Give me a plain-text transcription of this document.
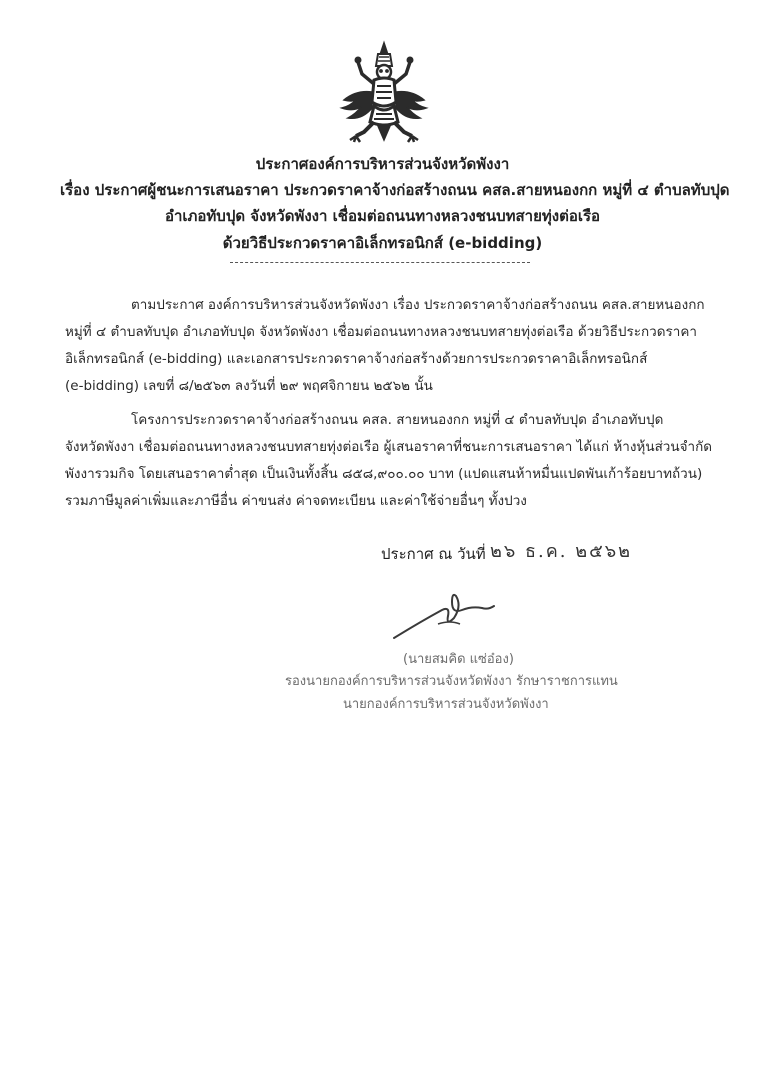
ประกาศองค์การบริหารส่วนจังหวัดพังงา
เรื่อง ประกาศผู้ชนะการเสนอราคา ประกวดราคาจ้างก่อสร้างถนน คสล.สายหนองกก หมู่ที่ ๔ ตำบลทับปุด
อำเภอทับปุด จังหวัดพังงา เชื่อมต่อถนนทางหลวงชนบทสายทุ่งต่อเรือ
ด้วยวิธีประกวดราคาอิเล็กทรอนิกส์ (e-bidding)
ตามประกาศ องค์การบริหารส่วนจังหวัดพังงา เรื่อง ประกวดราคาจ้างก่อสร้างถนน คสล.สายหนองกก
หมู่ที่ ๔ ตำบลทับปุด อำเภอทับปุด จังหวัดพังงา เชื่อมต่อถนนทางหลวงชนบทสายทุ่งต่อเรือ ด้วยวิธีประกวดราคา
อิเล็กทรอนิกส์ (e-bidding) และเอกสารประกวดราคาจ้างก่อสร้างด้วยการประกวดราคาอิเล็กทรอนิกส์
(e-bidding) เลขที่ ๘/๒๕๖๓ ลงวันที่ ๒๙ พฤศจิกายน ๒๕๖๒ นั้น
โครงการประกวดราคาจ้างก่อสร้างถนน คสล. สายหนองกก หมู่ที่ ๔ ตำบลทับปุด อำเภอทับปุด
จังหวัดพังงา เชื่อมต่อถนนทางหลวงชนบทสายทุ่งต่อเรือ ผู้เสนอราคาที่ชนะการเสนอราคา ได้แก่ ห้างหุ้นส่วนจำกัด
พังงารวมกิจ โดยเสนอราคาต่ำสุด เป็นเงินทั้งสิ้น ๘๕๘,๙๐๐.๐๐ บาท (แปดแสนห้าหมื่นแปดพันเก้าร้อยบาทถ้วน)
รวมภาษีมูลค่าเพิ่มและภาษีอื่น ค่าขนส่ง ค่าจดทะเบียน และค่าใช้จ่ายอื่นๆ ทั้งปวง
ประกาศ ณ วันที่ ๒๖ ธ.ค. ๒๕๖๒
(นายสมคิด แซ่อ๋อง)
รองนายกองค์การบริหารส่วนจังหวัดพังงา รักษาราชการแทน
นายกองค์การบริหารส่วนจังหวัดพังงา
